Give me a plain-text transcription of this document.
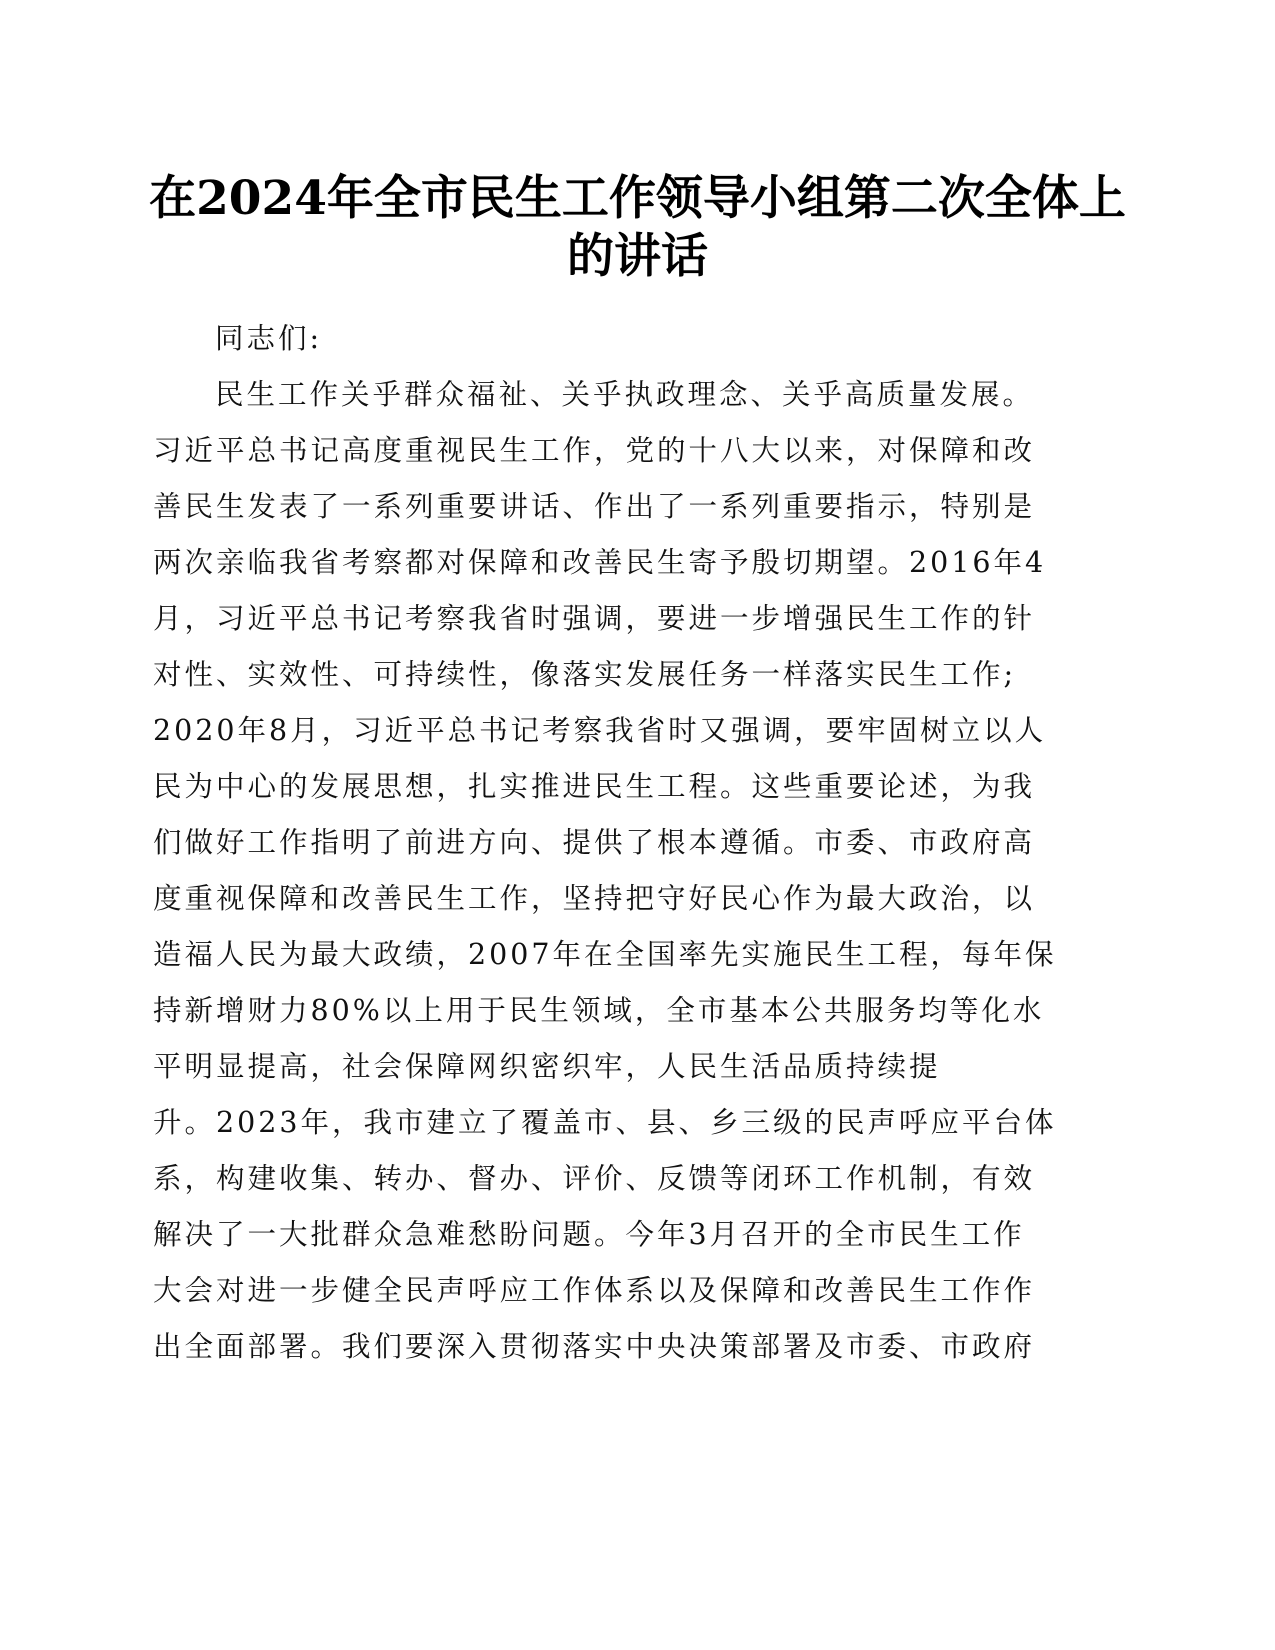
在2024年全市民生工作领导小组第二次全体上
的讲话
同志们:
民生工作关乎群众福祉、关乎执政理念、关乎高质量发展。
习近平总书记高度重视民生工作，党的十八大以来，对保障和改
善民生发表了一系列重要讲话、作出了一系列重要指示，特别是
两次亲临我省考察都对保障和改善民生寄予殷切期望。2016年4
月，习近平总书记考察我省时强调，要进一步增强民生工作的针
对性、实效性、可持续性，像落实发展任务一样落实民生工作;
2020年8月，习近平总书记考察我省时又强调，要牢固树立以人
民为中心的发展思想，扎实推进民生工程。这些重要论述，为我
们做好工作指明了前进方向、提供了根本遵循。市委、市政府高
度重视保障和改善民生工作，坚持把守好民心作为最大政治，以
造福人民为最大政绩，2007年在全国率先实施民生工程，每年保
持新增财力80%以上用于民生领域，全市基本公共服务均等化水
平明显提高，社会保障网织密织牢，人民生活品质持续提
升。2023年，我市建立了覆盖市、县、乡三级的民声呼应平台体
系，构建收集、转办、督办、评价、反馈等闭环工作机制，有效
解决了一大批群众急难愁盼问题。今年3月召开的全市民生工作
大会对进一步健全民声呼应工作体系以及保障和改善民生工作作
出全面部署。我们要深入贯彻落实中央决策部署及市委、市政府
